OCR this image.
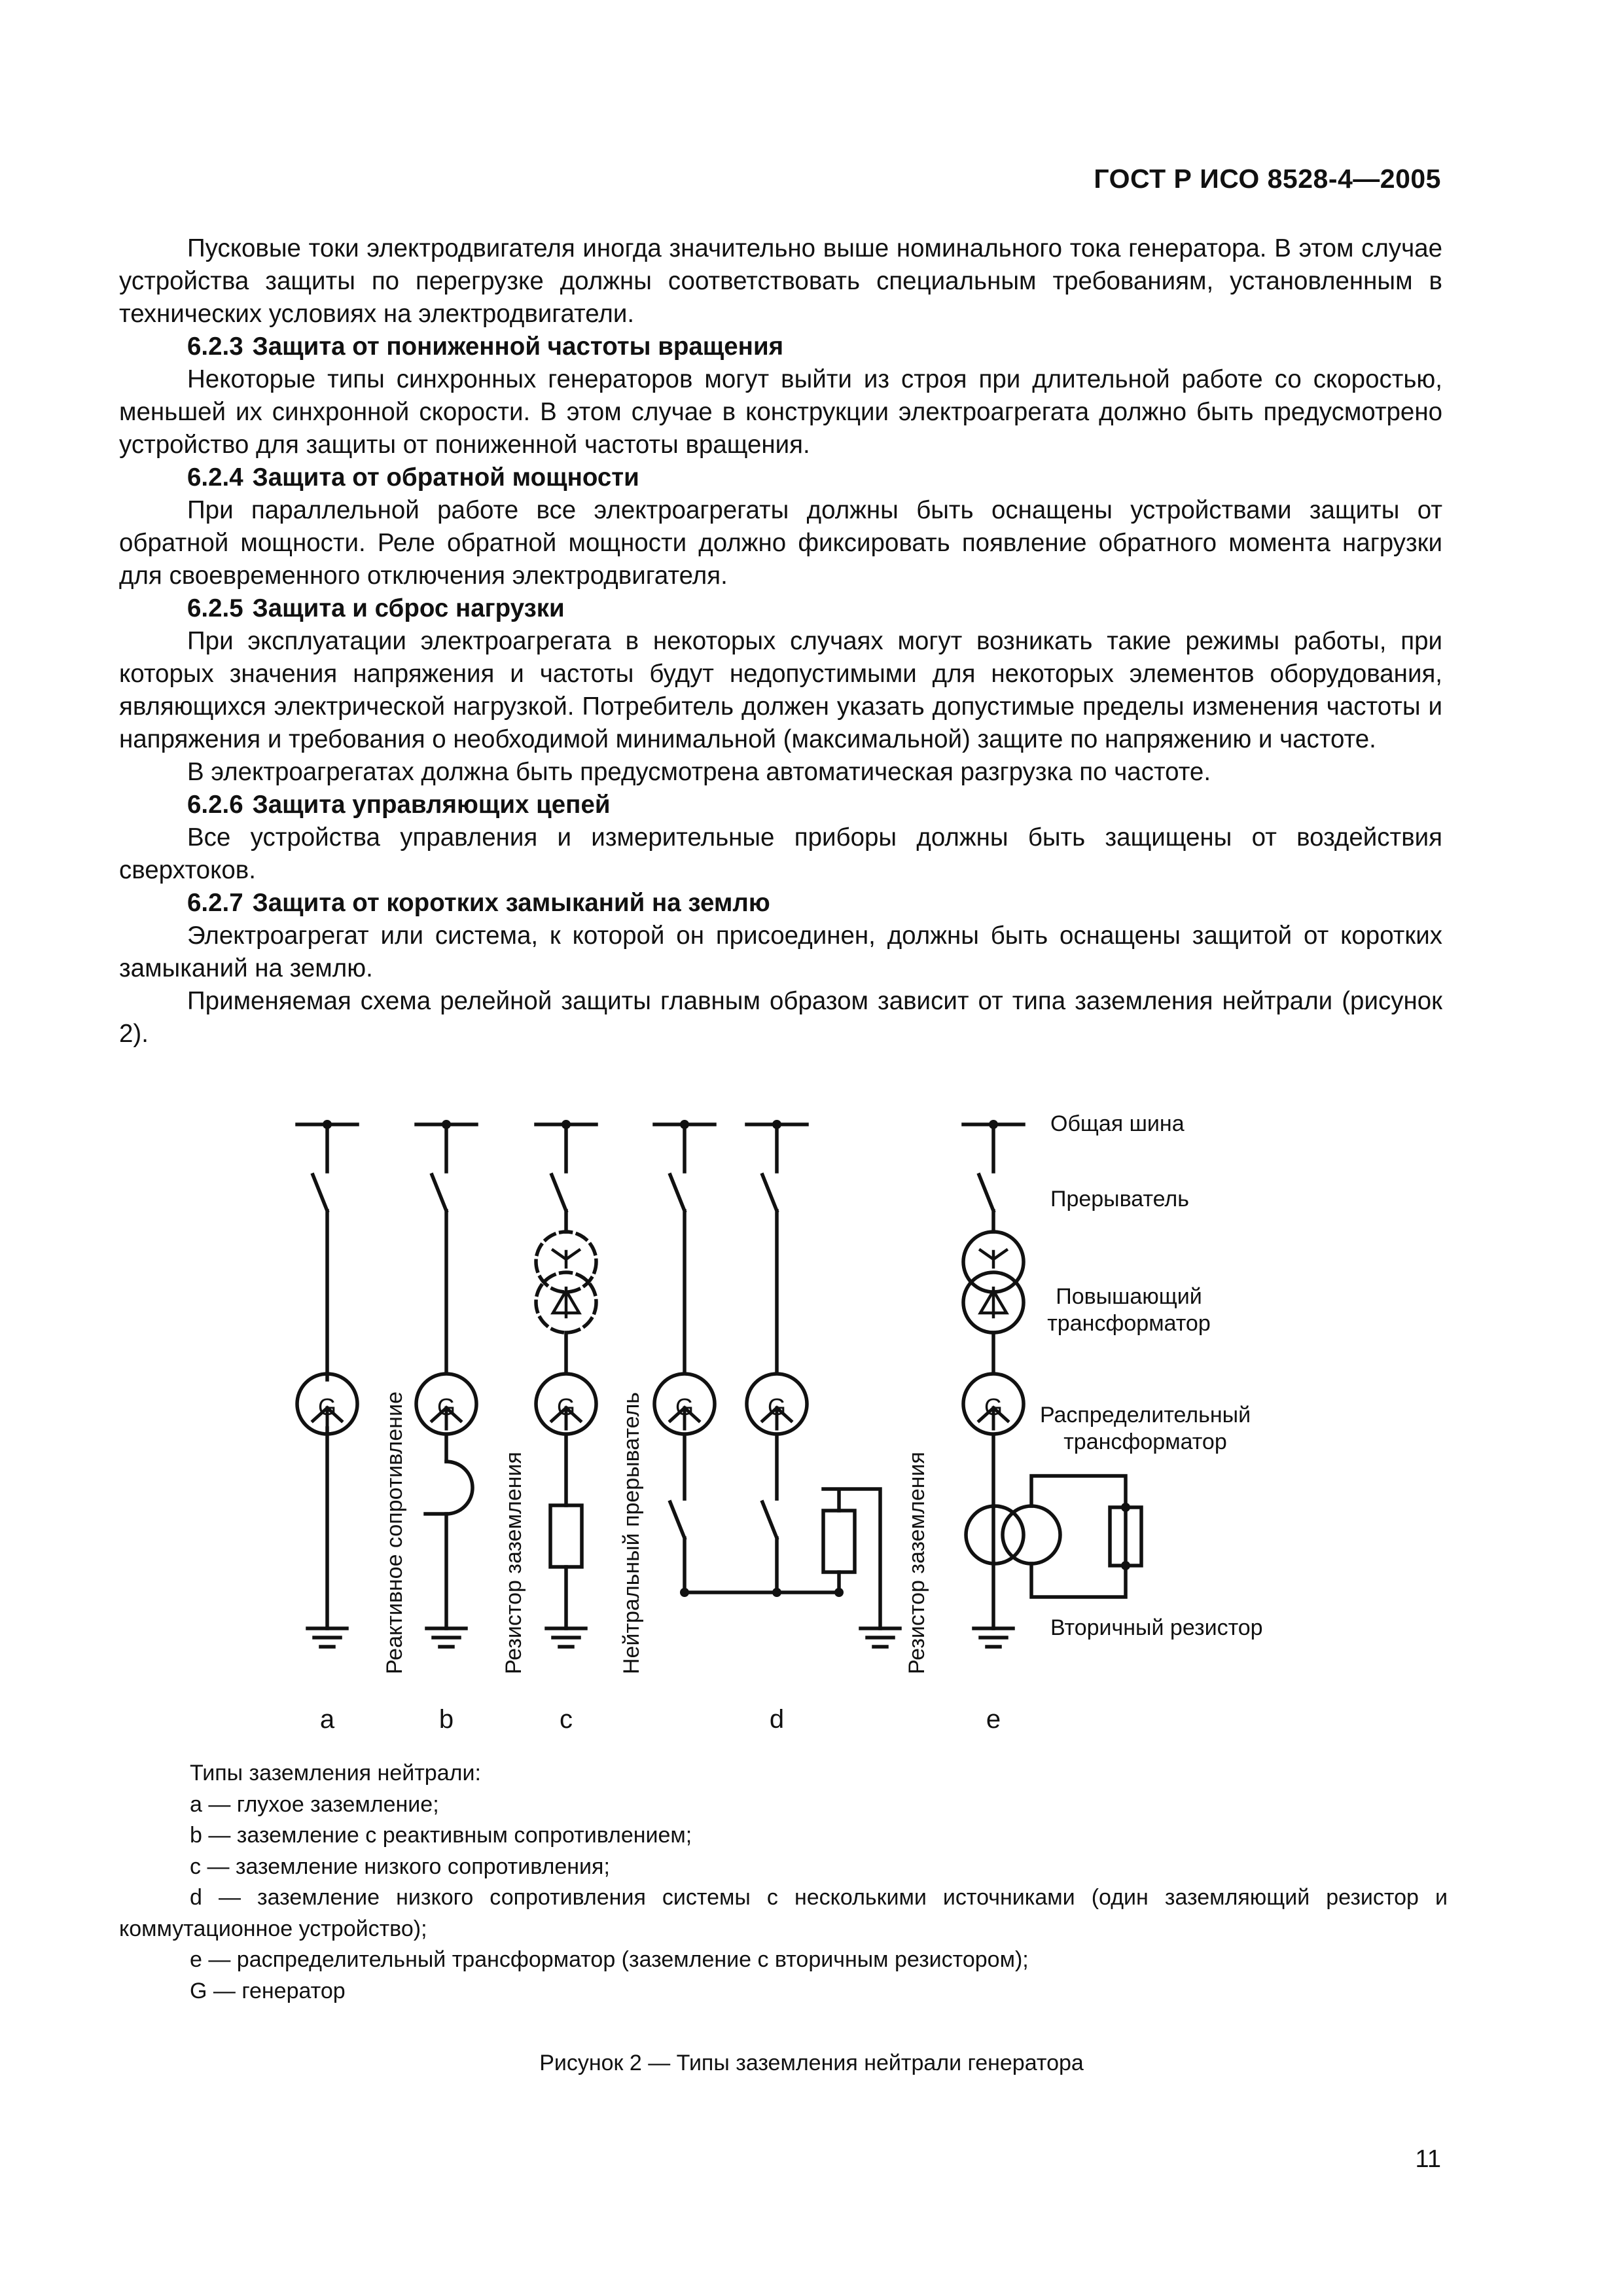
ГОСТ Р ИСО 8528-4—2005

Пусковые токи электродвигателя иногда значительно выше номинального тока генератора. В этом случае устройства защиты по перегрузке должны соответствовать специальным требованиям, установленным в технических условиях на электродвигатели.

6.2.3 Защита от пониженной частоты вращения

Некоторые типы синхронных генераторов могут выйти из строя при длительной работе со скоростью, меньшей их синхронной скорости. В этом случае в конструкции электроагрегата должно быть предусмотрено устройство для защиты от пониженной частоты вращения.

6.2.4 Защита от обратной мощности

При параллельной работе все электроагрегаты должны быть оснащены устройствами защиты от обратной мощности. Реле обратной мощности должно фиксировать появление обратного момента нагрузки для своевременного отключения электродвигателя.

6.2.5 Защита и сброс нагрузки

При эксплуатации электроагрегата в некоторых случаях могут возникать такие режимы работы, при которых значения напряжения и частоты будут недопустимыми для некоторых элементов оборудования, являющихся электрической нагрузкой. Потребитель должен указать допустимые пределы изменения частоты и напряжения и требования о необходимой минимальной (максимальной) защите по напряжению и частоте.

В электроагрегатах должна быть предусмотрена автоматическая разгрузка по частоте.

6.2.6 Защита управляющих цепей

Все устройства управления и измерительные приборы должны быть защищены от воздействия сверхтоков.

6.2.7 Защита от коротких замыканий на землю

Электроагрегат или система, к которой он присоединен, должны быть оснащены защитой от коротких замыканий на землю.

Применяемая схема релейной защиты главным образом зависит от типа заземления нейтрали (рисунок 2).

G	G	G	G	G	G
Общая шина
Прерыватель
Повышающий
трансформатор
Распределительный
трансформатор
Вторичный резистор
Реактивное сопротивление	Резистор заземления	Нейтральный прерыватель	Резистор заземления
a	b	c	d	e
Типы заземления нейтрали:
a — глухое заземление;
b — заземление с реактивным сопротивлением;
c — заземление низкого сопротивления;
d — заземление низкого сопротивления системы с несколькими источниками (один заземляющий резистор и коммутационное устройство);
e — распределительный трансформатор (заземление с вторичным резистором);
G — генератор
Рисунок 2 — Типы заземления нейтрали генератора
11
